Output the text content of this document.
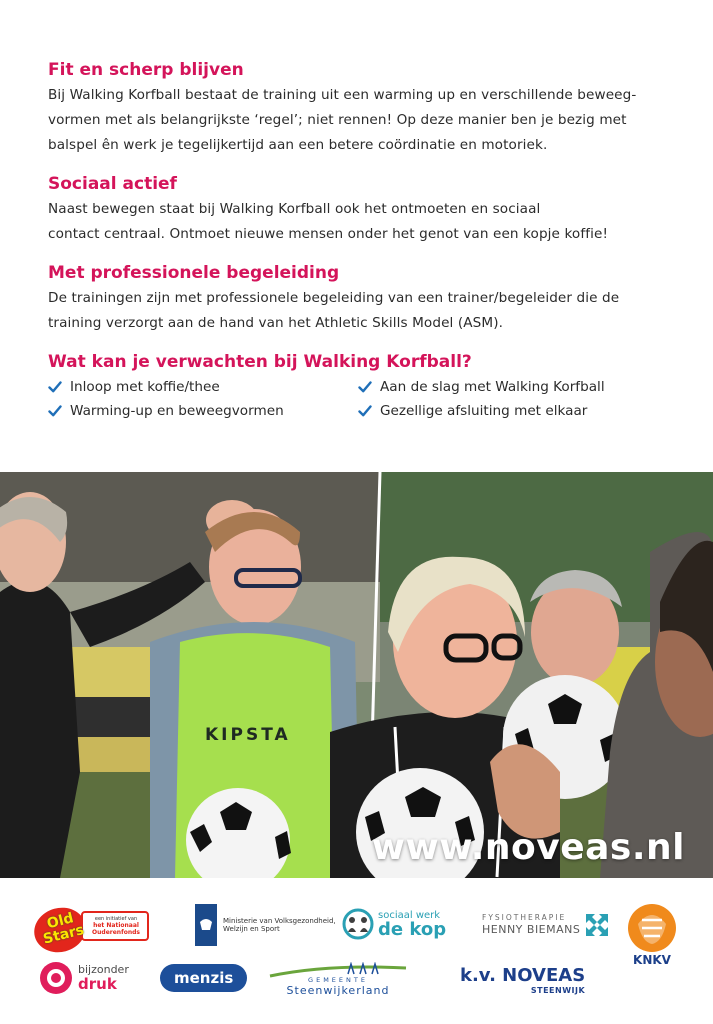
Fit en scherp blijven

Bij Walking Korfball bestaat de training uit een warming up en verschillende beweeg-
vormen met als belangrijkste ‘regel’; niet rennen! Op deze manier ben je bezig met
balspel ên werk je tegelijkertijd aan een betere coördinatie en motoriek.

Sociaal actief

Naast bewegen staat bij Walking Korfball ook het ontmoeten en sociaal
contact centraal. Ontmoet nieuwe mensen onder het genot van een kopje koffie!

Met professionele begeleiding

De trainingen zijn met professionele begeleiding van een trainer/begeleider die de
training verzorgt aan de hand van het Athletic Skills Model (ASM).

Wat kan je verwachten bij Walking Korfball?
Inloop met koffie/thee	Aan de slag met Walking Korfball
Warming-up en beweegvormen	Gezellige afsluiting met elkaar
KIPSTA
www.noveas.nl
Old Stars
een initiatief van
het Nationaal Ouderenfonds
Ministerie van Volksgezondheid,
Welzijn en Sport
sociaal werk
de kop
FYSIOTHERAPIE
HENNY BIEMANS
KNKV
bijzonder
druk	menzis	GEMEENTE
Steenwijkerland
k.v. NOVEAS
STEENWIJK
